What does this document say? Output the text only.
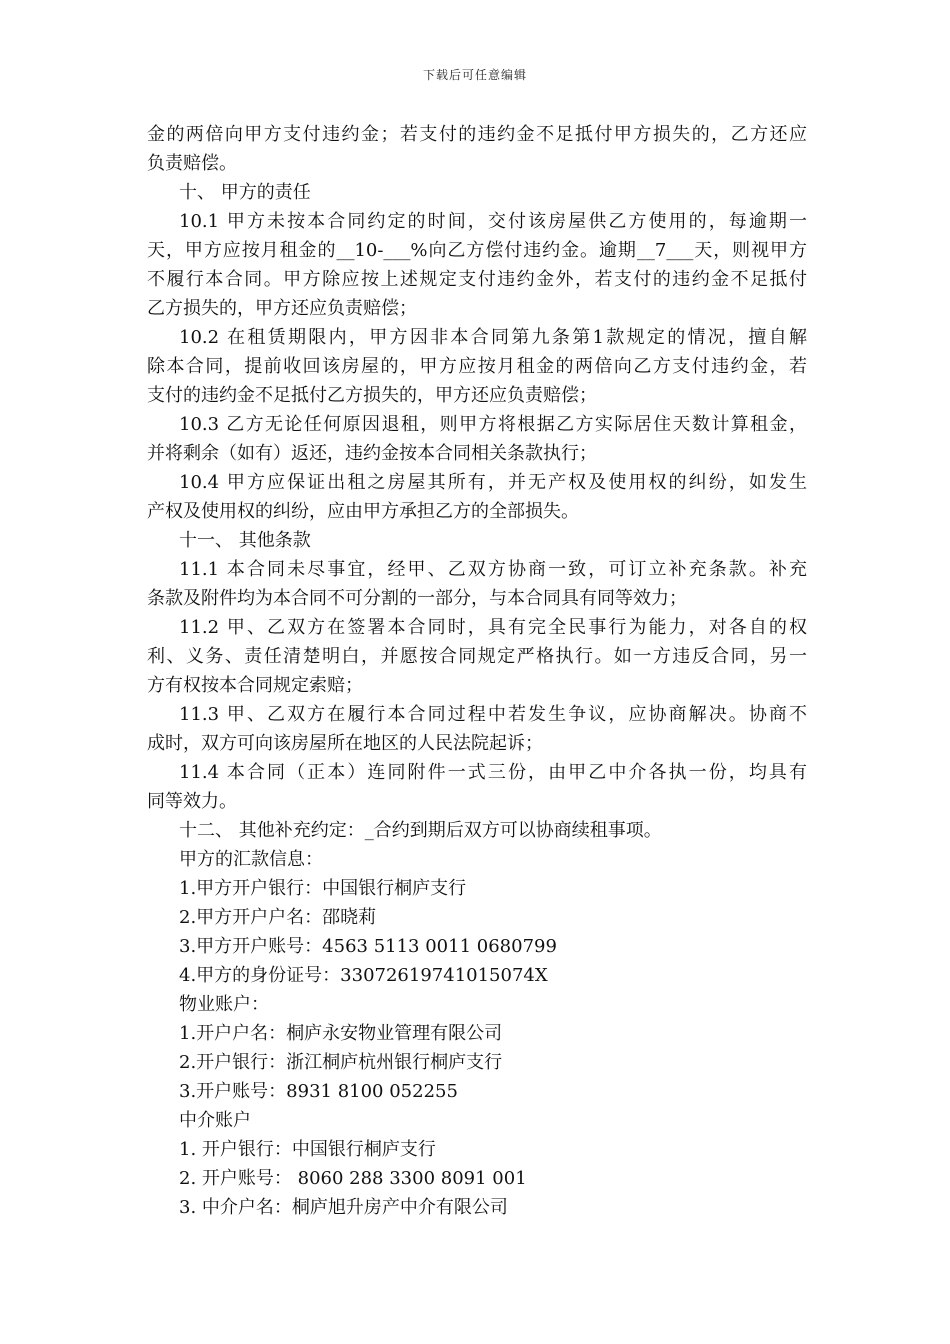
下载后可任意编辑
金的两倍向甲方支付违约金；若支付的违约金不足抵付甲方损失的，乙方还应
负责赔偿。
十、 甲方的责任
10.1 甲方未按本合同约定的时间，交付该房屋供乙方使用的，每逾期一
天，甲方应按月租金的__10-___%向乙方偿付违约金。逾期__7___天，则视甲方
不履行本合同。甲方除应按上述规定支付违约金外，若支付的违约金不足抵付
乙方损失的，甲方还应负责赔偿；
10.2 在租赁期限内，甲方因非本合同第九条第1款规定的情况，擅自解
除本合同，提前收回该房屋的，甲方应按月租金的两倍向乙方支付违约金，若
支付的违约金不足抵付乙方损失的，甲方还应负责赔偿；
10.3 乙方无论任何原因退租，则甲方将根据乙方实际居住天数计算租金，
并将剩余（如有）返还，违约金按本合同相关条款执行；
10.4 甲方应保证出租之房屋其所有，并无产权及使用权的纠纷，如发生
产权及使用权的纠纷，应由甲方承担乙方的全部损失。
十一、 其他条款
11.1 本合同未尽事宜，经甲、乙双方协商一致，可订立补充条款。补充
条款及附件均为本合同不可分割的一部分，与本合同具有同等效力；
11.2 甲、乙双方在签署本合同时，具有完全民事行为能力，对各自的权
利、义务、责任清楚明白，并愿按合同规定严格执行。如一方违反合同，另一
方有权按本合同规定索赔；
11.3 甲、乙双方在履行本合同过程中若发生争议，应协商解决。协商不
成时，双方可向该房屋所在地区的人民法院起诉；
11.4 本合同（正本）连同附件一式三份，由甲乙中介各执一份，均具有
同等效力。
十二、 其他补充约定：_合约到期后双方可以协商续租事项。
甲方的汇款信息：
1.甲方开户银行：中国银行桐庐支行
2.甲方开户户名：邵晓莉
3.甲方开户账号：4563 5113 0011 0680799
4.甲方的身份证号：33072619741015074X
物业账户：
1.开户户名：桐庐永安物业管理有限公司
2.开户银行：浙江桐庐杭州银行桐庐支行
3.开户账号：8931 8100 052255
中介账户
1. 开户银行：中国银行桐庐支行
2. 开户账号： 8060 288 3300 8091 001
3. 中介户名：桐庐旭升房产中介有限公司
